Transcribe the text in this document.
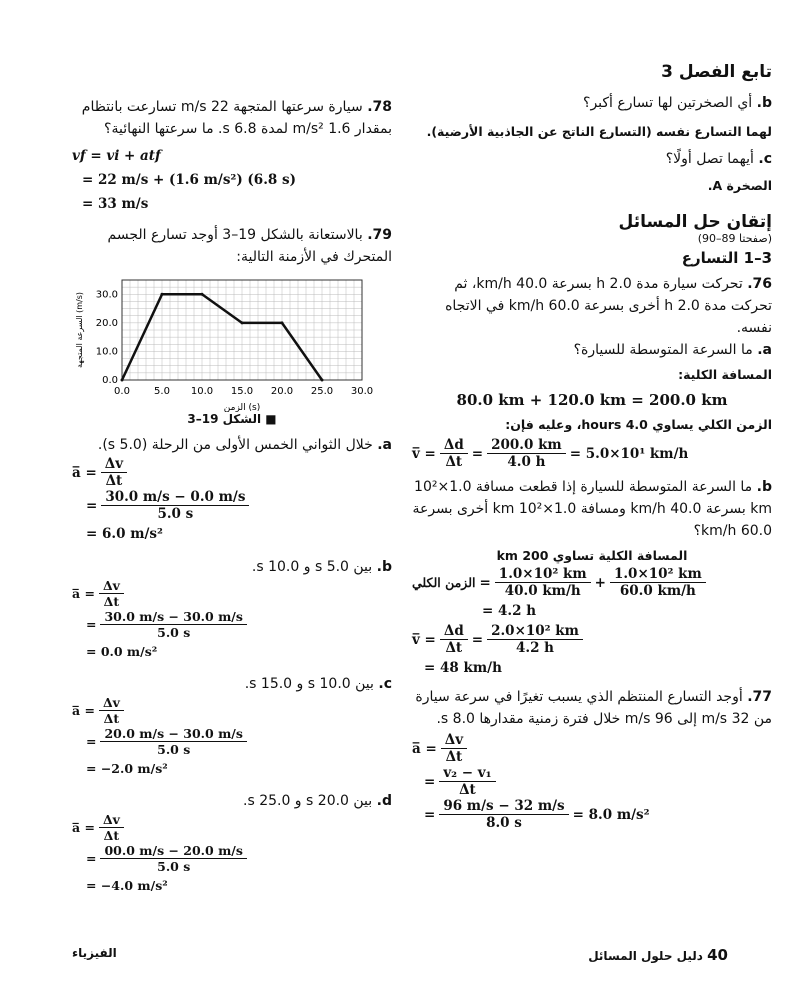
تابع الفصل 3

b. أي الصخرتين لها تسارع أكبر؟

لهما التسارع نفسه (التسارع الناتج عن الجاذبية الأرضية).

c. أيهما تصل أولًا؟

الصخرة A.

إتقان حل المسائل

(صفحتا 89–90)

3–1 التسارع

76. تحركت سيارة مدة 2.0 h بسرعة 40.0 km/h، ثم تحركت مدة 2.0 h أخرى بسرعة 60.0 km/h في الاتجاه نفسه.

a. ما السرعة المتوسطة للسيارة؟

المسافة الكلية:

80.0 km + 120.0 km = 200.0 km

الزمن الكلي يساوي 4.0 hours، وعليه فإن:

v̅ = $\frac{\Delta d}{\Delta t} = \frac{200.0 km}{4.0 h} = 5.0\times 10^1$ km/h

b. ما السرعة المتوسطة للسيارة إذا قطعت مسافة 1.0×10² km بسرعة 40.0 km/h ومسافة 1.0×10² km أخرى بسرعة 60.0 km/h؟

المسافة الكلية تساوي 200 km

الزمن الكلي = $\frac{\text{1.0×10² km}}{40.0 km/h} + \frac{\text{1.0×10² km}}{60.0 km/h}$

= 4.2 h

v̅ = $\frac{\Delta d}{\Delta t} = \frac{\text{2.0×10² km}}{4.2 h}$

= 48 km/h

77. أوجد التسارع المنتظم الذي يسبب تغيرًا في سرعة سيارة من 32 m/s إلى 96 m/s خلال فترة زمنية مقدارها 8.0 s.

a̅ = $\frac{\Delta v}{\Delta t}$
= $\frac{\text{v₂ − v₁}}{\Delta t}$
= $\frac{96 m/s - 32 m/s}{8.0 s} = 8.0$ m/s²

78. سيارة سرعتها المتجهة 22 m/s تسارعت بانتظام بمقدار 1.6 m/s² لمدة 6.8 s. ما سرعتها النهائية؟

vf = vi + atf
= 22 m/s + (1.6 m/s²) (6.8 s)
= 33 m/s

79. بالاستعانة بالشكل 19–3 أوجد تسارع الجسم المتحرك في الأزمنة التالية:

0.0 5.0 10.0 15.0 20.0 25.0 30.0
0.0
10.0
20.0
30.0
الزمن (s)
السرعة المتجهة (m/s)

■ الشكل 19–3

a. خلال الثواني الخمس الأولى من الرحلة (5.0 s).

a̅ = $\frac{\Delta v}{\Delta t}$
= $\frac{30.0 m/s - 0.0 m/s}{5.0 s}$
= 6.0 m/s²

b. بين 5.0 s و 10.0 s.

a̅ = $\frac{\Delta v}{\Delta t}$
= $\frac{30.0 m/s - 30.0 m/s}{5.0 s}$
= 0.0 m/s²

c. بين 10.0 s و 15.0 s.

a̅ = $\frac{\Delta v}{\Delta t}$
= $\frac{20.0 m/s - 30.0 m/s}{5.0 s}$
= −2.0 m/s²

d. بين 20.0 s و 25.0 s.

a̅ = $\frac{\Delta v}{\Delta t}$
= $\frac{00.0 m/s - 20.0 m/s}{5.0 s}$
= −4.0 m/s²
40 دليل حلول المسائل
الفيزياء
